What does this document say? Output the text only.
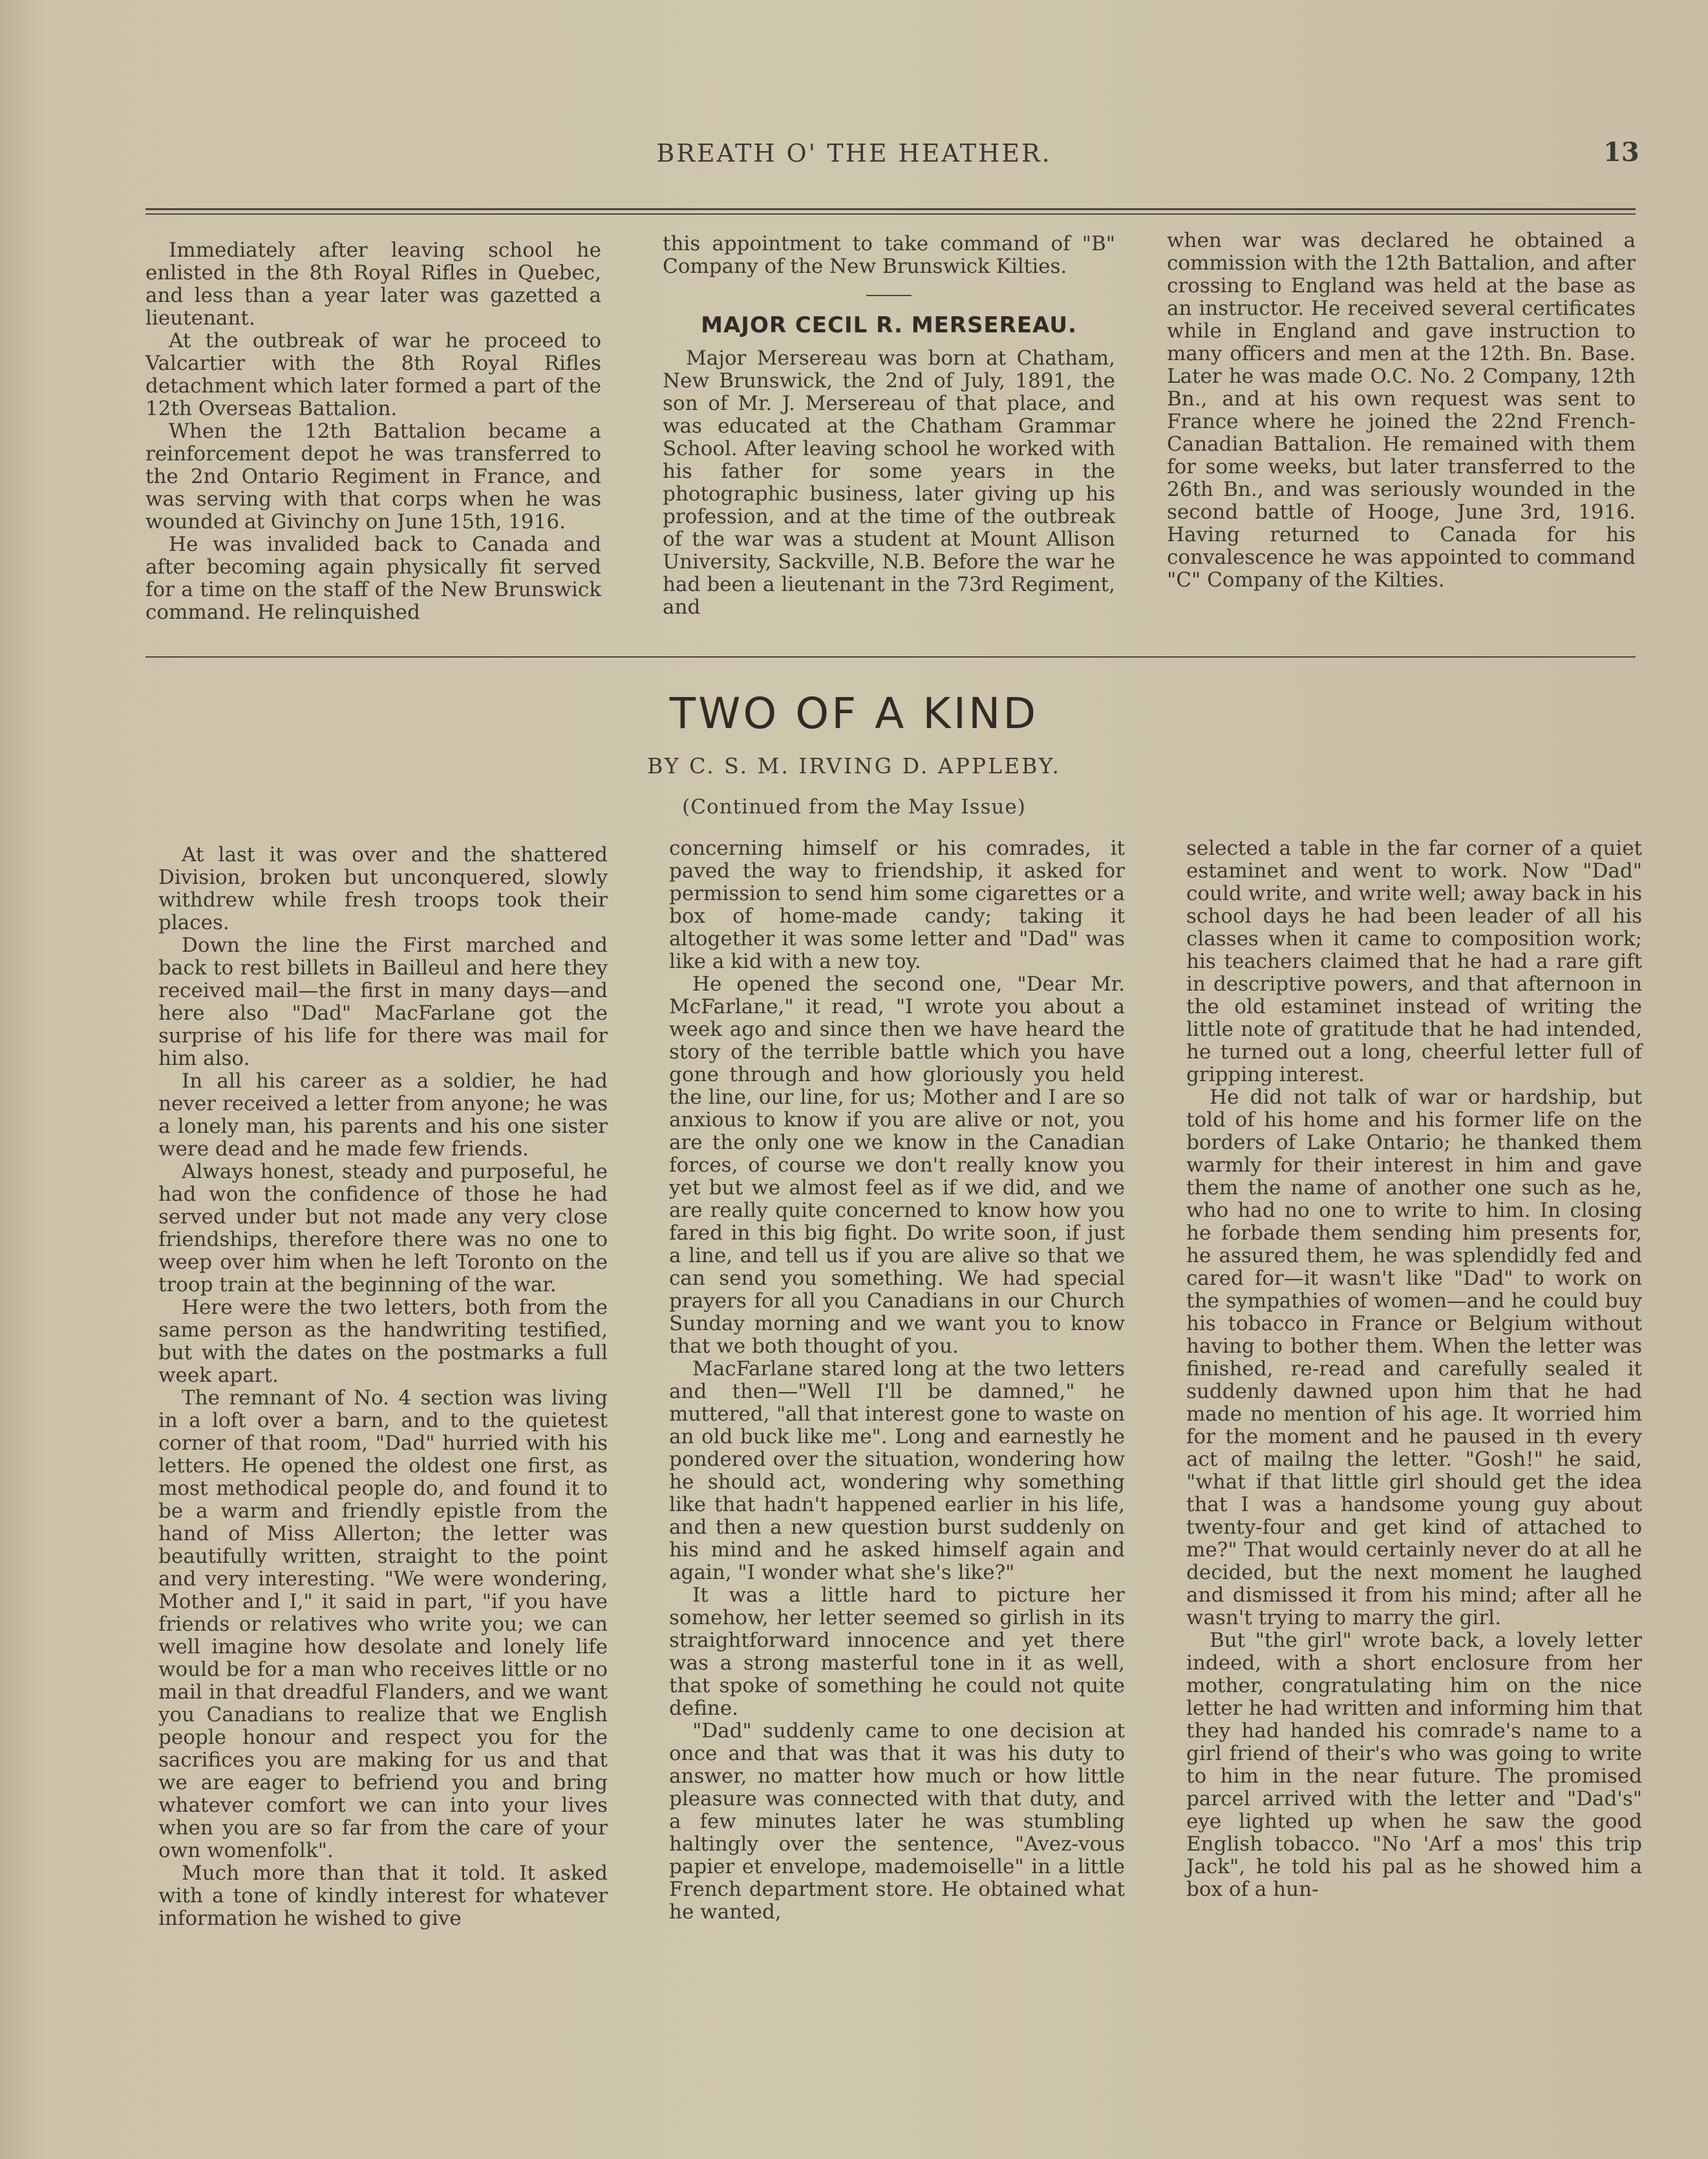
BREATH O' THE HEATHER.	13

Immediately after leaving school he enlisted in the 8th Royal Rifles in Quebec, and less than a year later was gazetted a lieutenant.

At the outbreak of war he proceed to Valcartier with the 8th Royal Rifles detachment which later formed a part of the 12th Overseas Battalion.

When the 12th Battalion became a reinforcement depot he was transferred to the 2nd Ontario Regiment in France, and was serving with that corps when he was wounded at Givinchy on June 15th, 1916.

He was invalided back to Canada and after becoming again physically fit served for a time on the staff of the New Brunswick command. He relinquished

this appointment to take command of "B" Company of the New Brunswick Kilties.

MAJOR CECIL R. MERSEREAU.

Major Mersereau was born at Chatham, New Brunswick, the 2nd of July, 1891, the son of Mr. J. Mersereau of that place, and was educated at the Chatham Grammar School. After leaving school he worked with his father for some years in the photographic business, later giving up his profession, and at the time of the outbreak of the war was a student at Mount Allison University, Sackville, N.B. Before the war he had been a lieutenant in the 73rd Regiment, and

when war was declared he obtained a commission with the 12th Battalion, and after crossing to England was held at the base as an instructor. He received several certificates while in England and gave instruction to many officers and men at the 12th. Bn. Base. Later he was made O.C. No. 2 Company, 12th Bn., and at his own request was sent to France where he joined the 22nd French-Canadian Battalion. He remained with them for some weeks, but later transferred to the 26th Bn., and was seriously wounded in the second battle of Hooge, June 3rd, 1916. Having returned to Canada for his convalescence he was appointed to command "C" Company of the Kilties.

TWO OF A KIND
BY C. S. M. IRVING D. APPLEBY.
(Continued from the May Issue)

At last it was over and the shattered Division, broken but unconquered, slowly withdrew while fresh troops took their places.

Down the line the First marched and back to rest billets in Bailleul and here they received mail—the first in many days—and here also "Dad" MacFarlane got the surprise of his life for there was mail for him also.

In all his career as a soldier, he had never received a letter from anyone; he was a lonely man, his parents and his one sister were dead and he made few friends.

Always honest, steady and purposeful, he had won the confidence of those he had served under but not made any very close friendships, therefore there was no one to weep over him when he left Toronto on the troop train at the beginning of the war.

Here were the two letters, both from the same person as the handwriting testified, but with the dates on the postmarks a full week apart.

The remnant of No. 4 section was living in a loft over a barn, and to the quietest corner of that room, "Dad" hurried with his letters. He opened the oldest one first, as most methodical people do, and found it to be a warm and friendly epistle from the hand of Miss Allerton; the letter was beautifully written, straight to the point and very interesting. "We were wondering, Mother and I," it said in part, "if you have friends or relatives who write you; we can well imagine how desolate and lonely life would be for a man who receives little or no mail in that dreadful Flanders, and we want you Canadians to realize that we English people honour and respect you for the sacrifices you are making for us and that we are eager to befriend you and bring whatever comfort we can into your lives when you are so far from the care of your own womenfolk".

Much more than that it told. It asked with a tone of kindly interest for whatever information he wished to give

concerning himself or his comrades, it paved the way to friendship, it asked for permission to send him some cigarettes or a box of home-made candy; taking it altogether it was some letter and "Dad" was like a kid with a new toy.

He opened the second one, "Dear Mr. McFarlane," it read, "I wrote you about a week ago and since then we have heard the story of the terrible battle which you have gone through and how gloriously you held the line, our line, for us; Mother and I are so anxious to know if you are alive or not, you are the only one we know in the Canadian forces, of course we don't really know you yet but we almost feel as if we did, and we are really quite concerned to know how you fared in this big fight. Do write soon, if just a line, and tell us if you are alive so that we can send you something. We had special prayers for all you Canadians in our Church Sunday morning and we want you to know that we both thought of you.

MacFarlane stared long at the two letters and then—"Well I'll be damned," he muttered, "all that interest gone to waste on an old buck like me". Long and earnestly he pondered over the situation, wondering how he should act, wondering why something like that hadn't happened earlier in his life, and then a new question burst suddenly on his mind and he asked himself again and again, "I wonder what she's like?"

It was a little hard to picture her somehow, her letter seemed so girlish in its straightforward innocence and yet there was a strong masterful tone in it as well, that spoke of something he could not quite define.

"Dad" suddenly came to one decision at once and that was that it was his duty to answer, no matter how much or how little pleasure was connected with that duty, and a few minutes later he was stumbling haltingly over the sentence, "Avez-vous papier et envelope, mademoiselle" in a little French department store. He obtained what he wanted,

selected a table in the far corner of a quiet estaminet and went to work. Now "Dad" could write, and write well; away back in his school days he had been leader of all his classes when it came to composition work; his teachers claimed that he had a rare gift in descriptive powers, and that afternoon in the old estaminet instead of writing the little note of gratitude that he had intended, he turned out a long, cheerful letter full of gripping interest.

He did not talk of war or hardship, but told of his home and his former life on the borders of Lake Ontario; he thanked them warmly for their interest in him and gave them the name of another one such as he, who had no one to write to him. In closing he forbade them sending him presents for, he assured them, he was splendidly fed and cared for—it wasn't like "Dad" to work on the sympathies of women—and he could buy his tobacco in France or Belgium without having to bother them. When the letter was finished, re-read and carefully sealed it suddenly dawned upon him that he had made no mention of his age. It worried him for the moment and he paused in th every act of mailng the letter. "Gosh!" he said, "what if that little girl should get the idea that I was a handsome young guy about twenty-four and get kind of attached to me?" That would certainly never do at all he decided, but the next moment he laughed and dismissed it from his mind; after all he wasn't trying to marry the girl.

But "the girl" wrote back, a lovely letter indeed, with a short enclosure from her mother, congratulating him on the nice letter he had written and informing him that they had handed his comrade's name to a girl friend of their's who was going to write to him in the near future. The promised parcel arrived with the letter and "Dad's" eye lighted up when he saw the good English tobacco. "No 'Arf a mos' this trip Jack", he told his pal as he showed him a box of a hun-
